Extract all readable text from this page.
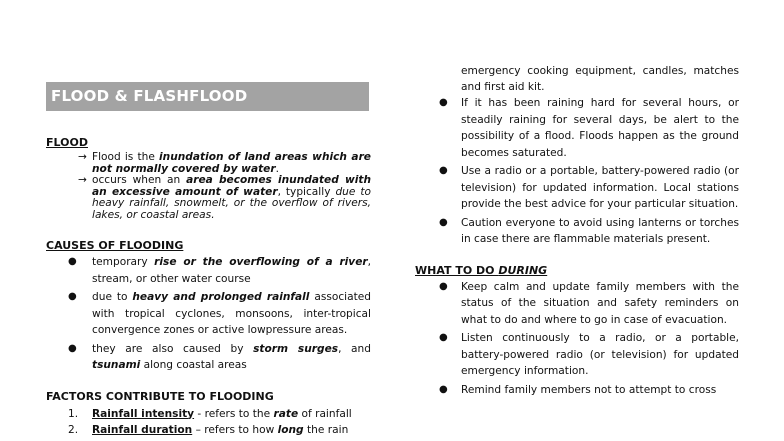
FLOOD & FLASHFLOOD
FLOOD
→ Flood is the inundation of land areas which are not normally covered by water.
→ occurs when an area becomes inundated with an excessive amount of water, typically due to heavy rainfall, snowmelt, or the overflow of rivers, lakes, or coastal areas.
CAUSES OF FLOODING
● temporary rise or the overflowing of a river, stream, or other water course
● due to heavy and prolonged rainfall associated with tropical cyclones, monsoons, inter-tropical convergence zones or active lowpressure areas.
● they are also caused by storm surges, and tsunami along coastal areas
FACTORS CONTRIBUTE TO FLOODING
1. Rainfall intensity - refers to the rate of rainfall
2. Rainfall duration – refers to how long the rain
emergency cooking equipment, candles, matches and first aid kit.
● If it has been raining hard for several hours, or steadily raining for several days, be alert to the possibility of a flood. Floods happen as the ground becomes saturated.
● Use a radio or a portable, battery-powered radio (or television) for updated information. Local stations provide the best advice for your particular situation.
● Caution everyone to avoid using lanterns or torches in case there are flammable materials present.
WHAT TO DO DURING
● Keep calm and update family members with the status of the situation and safety reminders on what to do and where to go in case of evacuation.
● Listen continuously to a radio, or a portable, battery-powered radio (or television) for updated emergency information.
● Remind family members not to attempt to cross
